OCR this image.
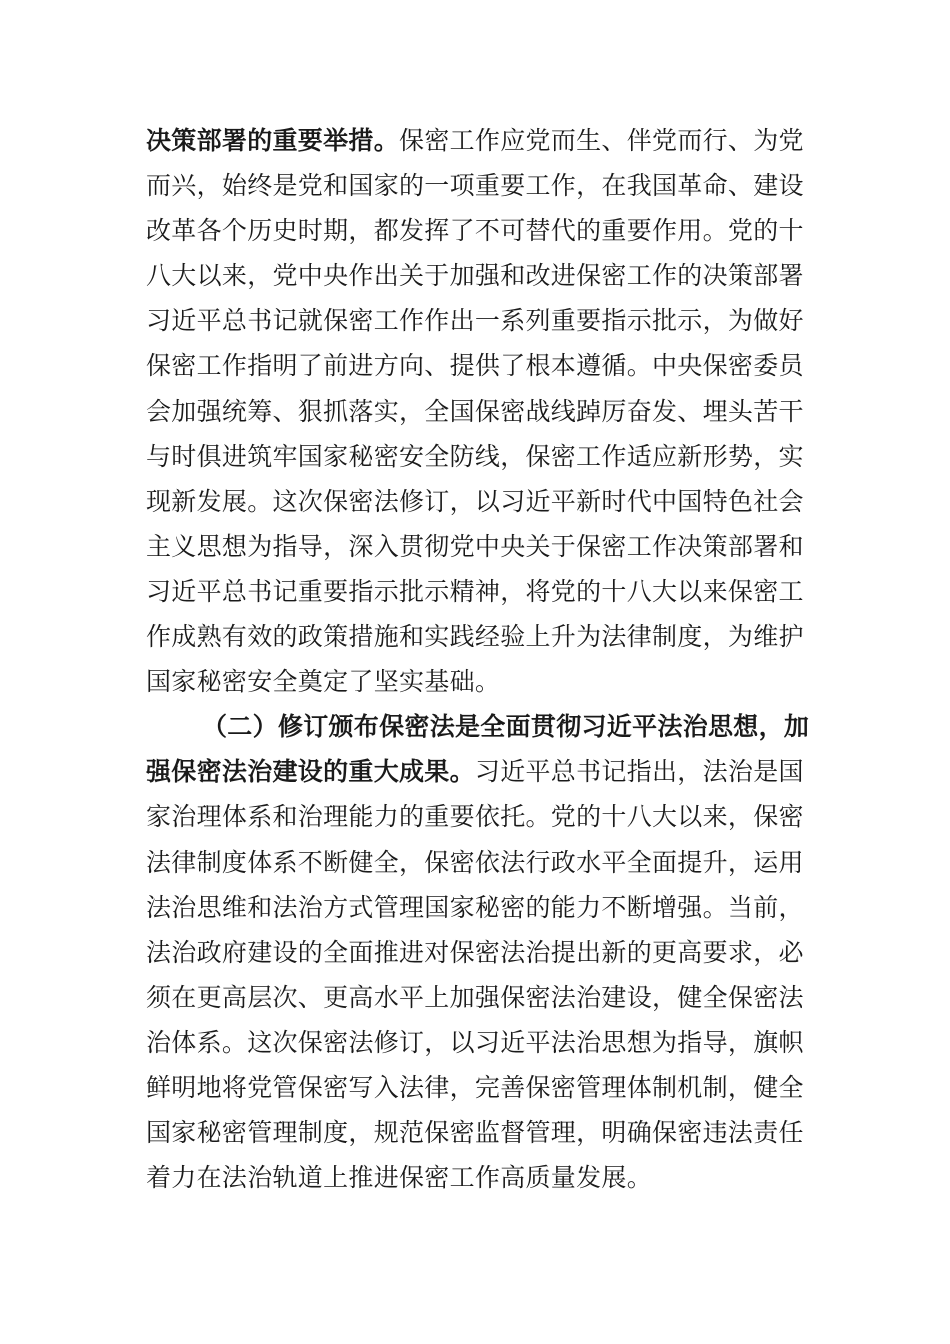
决策部署的重要举措。保密工作应党而生、伴党而行、为党
而兴，始终是党和国家的一项重要工作，在我国革命、建设
改革各个历史时期，都发挥了不可替代的重要作用。党的十
八大以来，党中央作出关于加强和改进保密工作的决策部署
习近平总书记就保密工作作出一系列重要指示批示，为做好
保密工作指明了前进方向、提供了根本遵循。中央保密委员
会加强统筹、狠抓落实，全国保密战线踔厉奋发、埋头苦干
与时俱进筑牢国家秘密安全防线，保密工作适应新形势，实
现新发展。这次保密法修订，以习近平新时代中国特色社会
主义思想为指导，深入贯彻党中央关于保密工作决策部署和
习近平总书记重要指示批示精神，将党的十八大以来保密工
作成熟有效的政策措施和实践经验上升为法律制度，为维护
国家秘密安全奠定了坚实基础。
（二）修订颁布保密法是全面贯彻习近平法治思想，加
强保密法治建设的重大成果。习近平总书记指出，法治是国
家治理体系和治理能力的重要依托。党的十八大以来，保密
法律制度体系不断健全，保密依法行政水平全面提升，运用
法治思维和法治方式管理国家秘密的能力不断增强。当前，
法治政府建设的全面推进对保密法治提出新的更高要求，必
须在更高层次、更高水平上加强保密法治建设，健全保密法
治体系。这次保密法修订，以习近平法治思想为指导，旗帜
鲜明地将党管保密写入法律，完善保密管理体制机制，健全
国家秘密管理制度，规范保密监督管理，明确保密违法责任
着力在法治轨道上推进保密工作高质量发展。
